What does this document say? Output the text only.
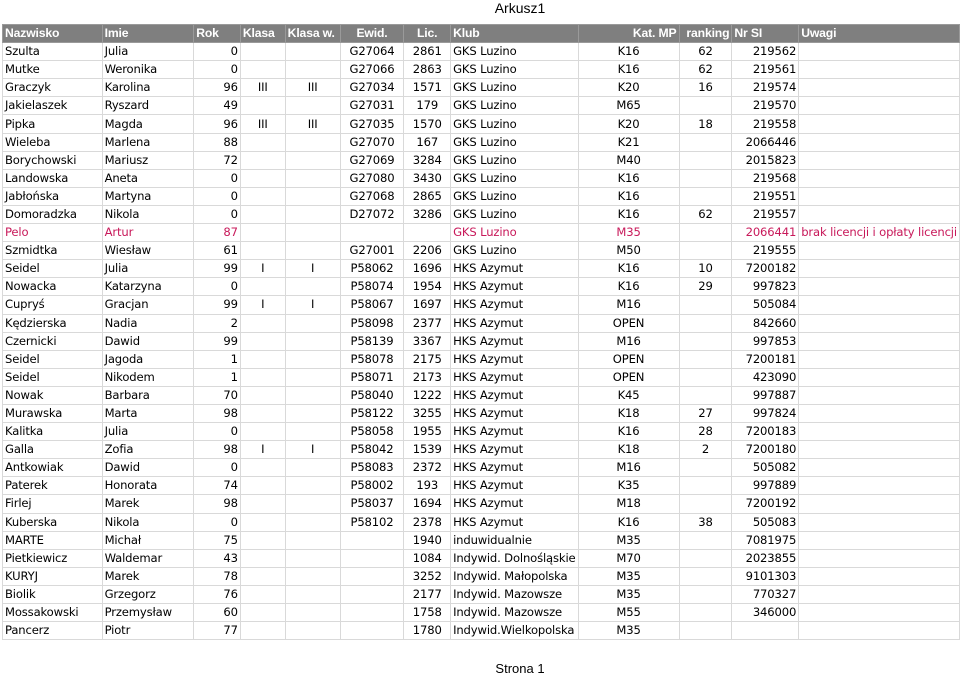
Arkusz1
Nazwisko	Imie	Rok	Klasa	Klasa w.	Ewid.	Lic.	Klub	Kat. MP	ranking	Nr SI	Uwagi
Szulta	Julia	0			G27064	2861	GKS Luzino	K16	62	219562	
Mutke	Weronika	0			G27066	2863	GKS Luzino	K16	62	219561	
Graczyk	Karolina	96	III	III	G27034	1571	GKS Luzino	K20	16	219574	
Jakielaszek	Ryszard	49			G27031	179	GKS Luzino	M65		219570	
Pipka	Magda	96	III	III	G27035	1570	GKS Luzino	K20	18	219558	
Wieleba	Marlena	88			G27070	167	GKS Luzino	K21		2066446	
Borychowski	Mariusz	72			G27069	3284	GKS Luzino	M40		2015823	
Landowska	Aneta	0			G27080	3430	GKS Luzino	K16		219568	
Jabłońska	Martyna	0			G27068	2865	GKS Luzino	K16		219551	
Domoradzka	Nikola	0			D27072	3286	GKS Luzino	K16	62	219557	
Pelo	Artur	87					GKS Luzino	M35		2066441	brak licencji i opłaty licencji
Szmidtka	Wiesław	61			G27001	2206	GKS Luzino	M50		219555	
Seidel	Julia	99	I	I	P58062	1696	HKS Azymut	K16	10	7200182	
Nowacka	Katarzyna	0			P58074	1954	HKS Azymut	K16	29	997823	
Cupryś	Gracjan	99	I	I	P58067	1697	HKS Azymut	M16		505084	
Kędzierska	Nadia	2			P58098	2377	HKS Azymut	OPEN		842660	
Czernicki	Dawid	99			P58139	3367	HKS Azymut	M16		997853	
Seidel	Jagoda	1			P58078	2175	HKS Azymut	OPEN		7200181	
Seidel	Nikodem	1			P58071	2173	HKS Azymut	OPEN		423090	
Nowak	Barbara	70			P58040	1222	HKS Azymut	K45		997887	
Murawska	Marta	98			P58122	3255	HKS Azymut	K18	27	997824	
Kalitka	Julia	0			P58058	1955	HKS Azymut	K16	28	7200183	
Galla	Zofia	98	I	I	P58042	1539	HKS Azymut	K18	2	7200180	
Antkowiak	Dawid	0			P58083	2372	HKS Azymut	M16		505082	
Paterek	Honorata	74			P58002	193	HKS Azymut	K35		997889	
Firlej	Marek	98			P58037	1694	HKS Azymut	M18		7200192	
Kuberska	Nikola	0			P58102	2378	HKS Azymut	K16	38	505083	
MARTE	Michał	75				1940	induwidualnie	M35		7081975	
Pietkiewicz	Waldemar	43				1084	Indywid. Dolnośląskie	M70		2023855	
KURYJ	Marek	78				3252	Indywid. Małopolska	M35		9101303	
Biolik	Grzegorz	76				2177	Indywid. Mazowsze	M35		770327	
Mossakowski	Przemysław	60				1758	Indywid. Mazowsze	M55		346000	
Pancerz	Piotr	77				1780	Indywid.Wielkopolska	M35			
Strona 1
